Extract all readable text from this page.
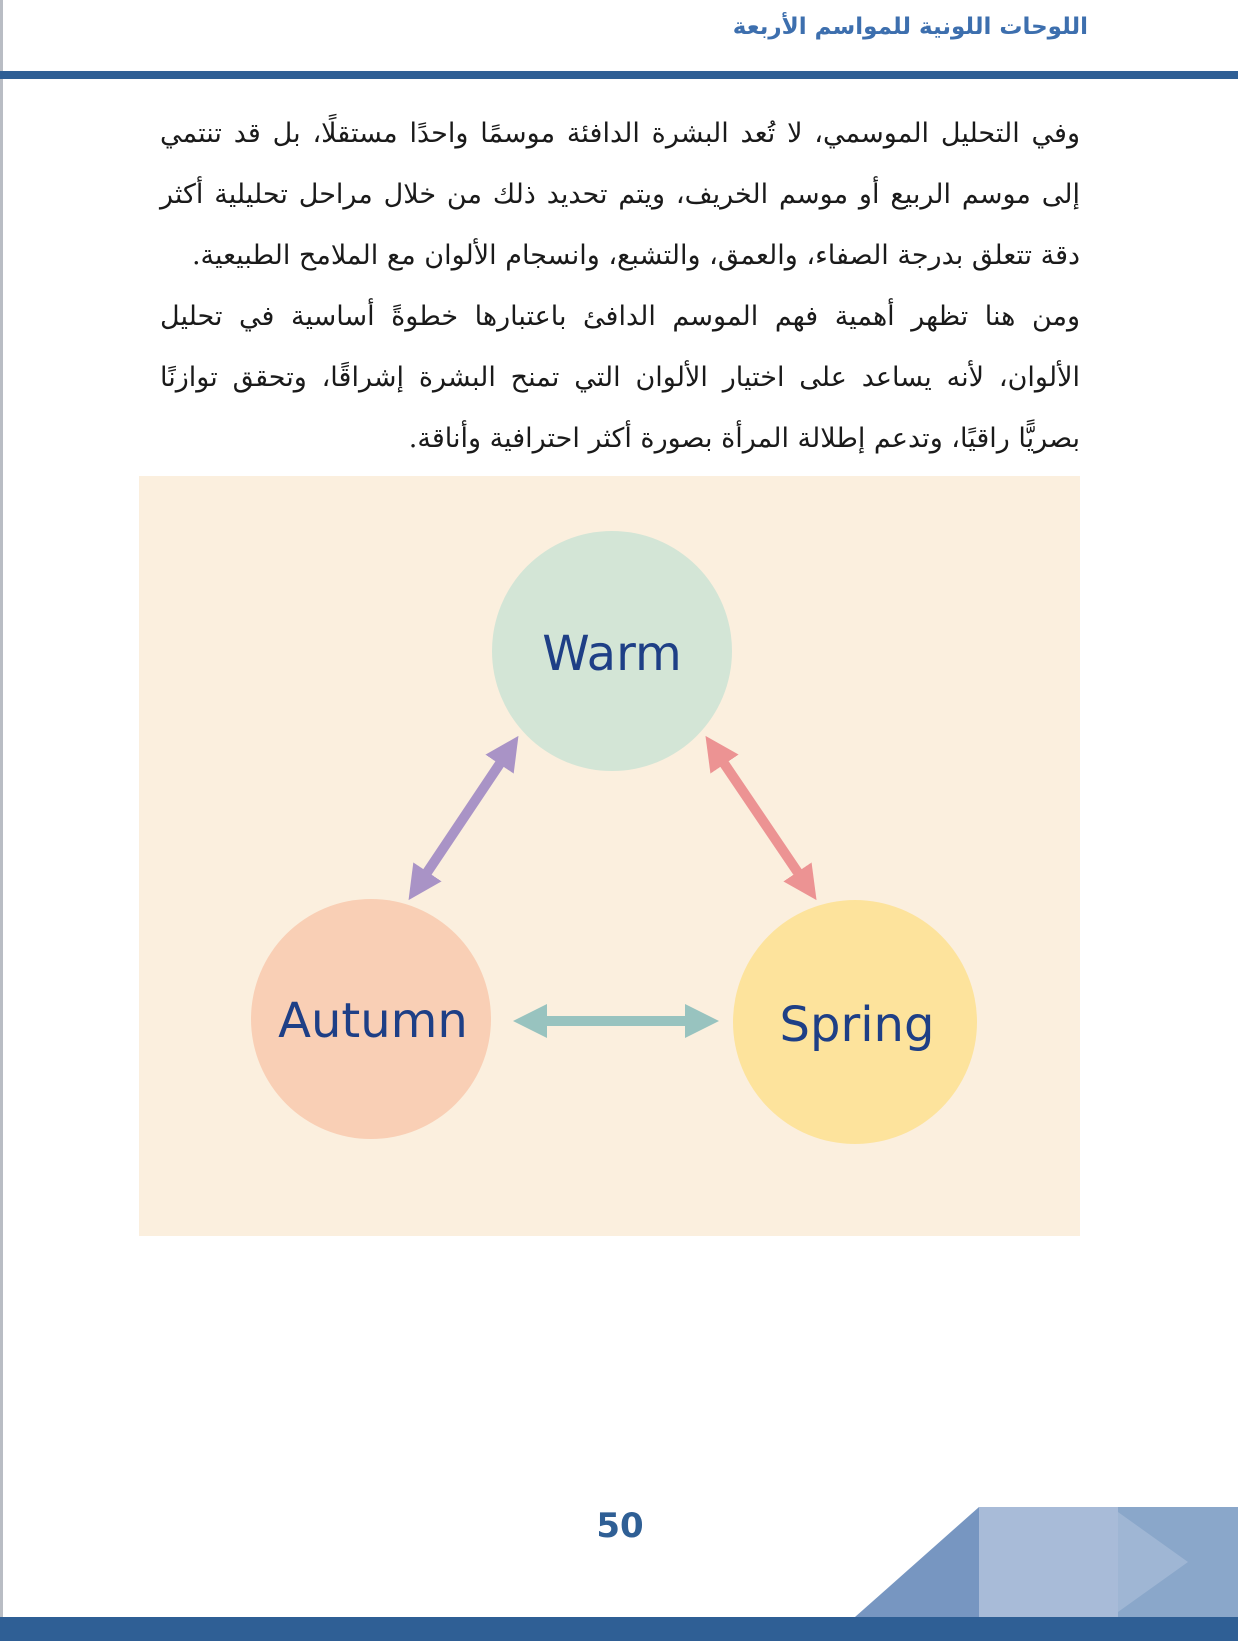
اللوحات اللونية للمواسم الأربعة

وفي التحليل الموسمي، لا تُعد البشرة الدافئة موسمًا واحدًا مستقلًا، بل قد تنتمي إلى موسم الربيع أو موسم الخريف، ويتم تحديد ذلك من خلال مراحل تحليلية أكثر دقة تتعلق بدرجة الصفاء، والعمق، والتشبع، وانسجام الألوان مع الملامح الطبيعية.

ومن هنا تظهر أهمية فهم الموسم الدافئ باعتبارها خطوةً أساسية في تحليل الألوان، لأنه يساعد على اختيار الألوان التي تمنح البشرة إشراقًا، وتحقق توازنًا بصريًّا راقيًا، وتدعم إطلالة المرأة بصورة أكثر احترافية وأناقة.

Warm
Autumn	Spring
50
